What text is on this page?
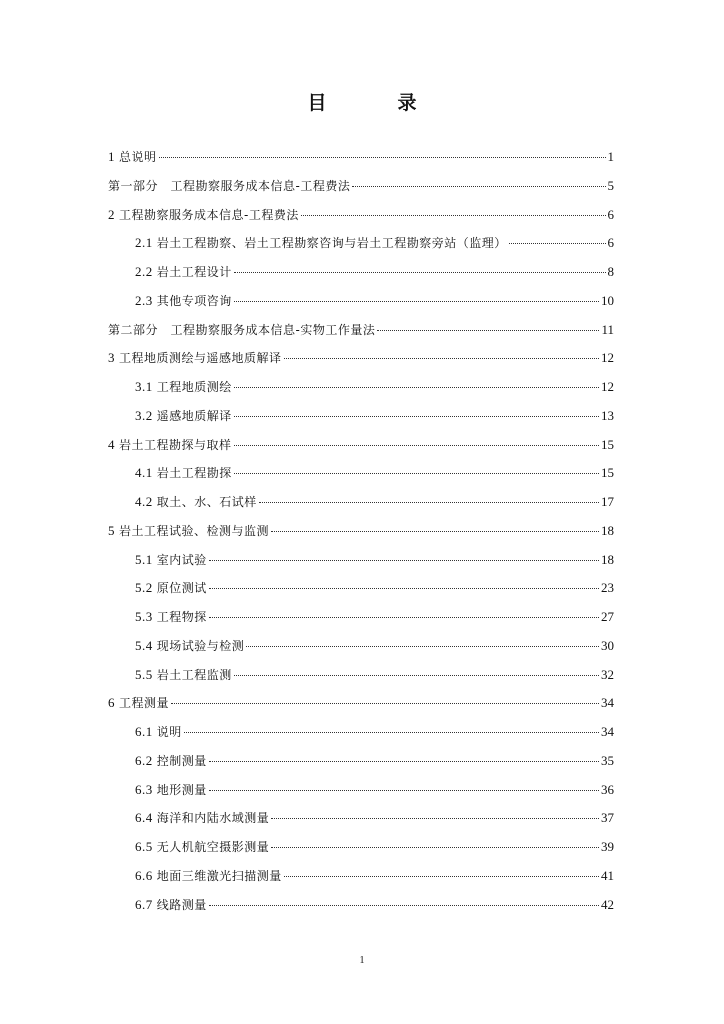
目　录
1 总说明	1
第一部分　工程勘察服务成本信息-工程费法	5
2 工程勘察服务成本信息-工程费法	6
2.1 岩土工程勘察、岩土工程勘察咨询与岩土工程勘察旁站（监理）	6
2.2 岩土工程设计	8
2.3 其他专项咨询	10
第二部分　工程勘察服务成本信息-实物工作量法	11
3 工程地质测绘与遥感地质解译	12
3.1 工程地质测绘	12
3.2 遥感地质解译	13
4 岩土工程勘探与取样	15
4.1 岩土工程勘探	15
4.2 取土、水、石试样	17
5 岩土工程试验、检测与监测	18
5.1 室内试验	18
5.2 原位测试	23
5.3 工程物探	27
5.4 现场试验与检测	30
5.5 岩土工程监测	32
6 工程测量	34
6.1 说明	34
6.2 控制测量	35
6.3 地形测量	36
6.4 海洋和内陆水域测量	37
6.5 无人机航空摄影测量	39
6.6 地面三维激光扫描测量	41
6.7 线路测量	42
1
